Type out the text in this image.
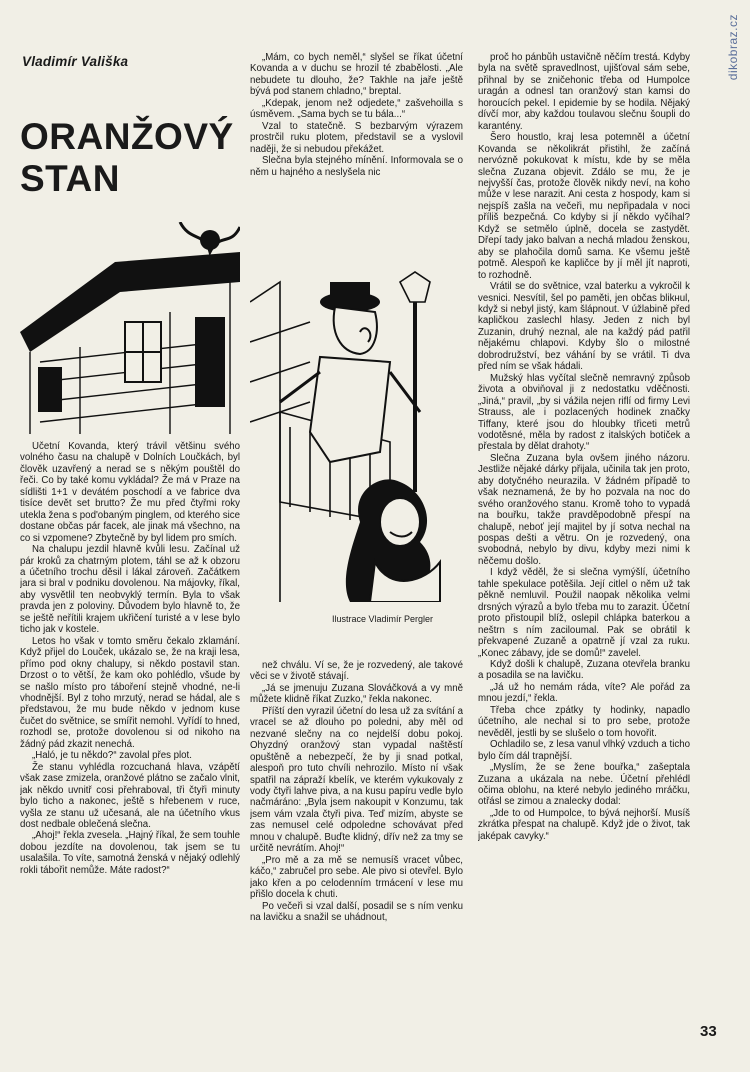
dikobraz.cz
Vladimír Vališka
ORANŽOVÝ
STAN
Ilustrace Vladimír Pergler

Účetní Kovanda, který trávil většinu svého volného času na chalupě v Dolních Loučkách, byl člověk uzavřený a nerad se s někým pouštěl do řeči. Co by také komu vykládal? Že má v Praze na sídlišti 1+1 v devátém poschodí a ve fabrice dva tisíce devět set brutto? Že mu před čtyřmi roky utekla žena s pod'obaným pinglem, od kterého sice dostane občas pár facek, ale jinak má všechno, na co si vzpomene? Zbytečně by byl lidem pro smích.

Na chalupu jezdil hlavně kvůli lesu. Začínal už pár kroků za chatrným plotem, táhl se až k obzoru a účetního trochu děsil i lákal zároveň. Začátkem jara si bral v podniku dovolenou. Na májovky, říkal, aby vysvětlil ten neobvyklý termín. Byla to však pravda jen z poloviny. Důvodem bylo hlavně to, že se ještě neřítili krajem ukřičení turisté a v lese bylo ticho jak v kostele.

Letos ho však v tomto směru čekalo zklamání. Když přijel do Louček, ukázalo se, že na kraji lesa, přímo pod okny chalupy, si někdo postavil stan. Drzost o to větší, že kam oko pohlédlo, všude by se našlo místo pro táboření stejně vhodné, ne-li vhodnější. Byl z toho mrzutý, nerad se hádal, ale s představou, že mu bude někdo v jednom kuse čučet do světnice, se smířit nemohl. Vyřídí to hned, rozhodl se, protože dovolenou si od nikoho na žádný pád zkazit nenechá.

„Haló, je tu někdo?“ zavolal přes plot.

Že stanu vyhlédla rozcuchaná hlava, vzápětí však zase zmizela, oranžové plátno se začalo vlnit, jak někdo uvnitř cosi přehraboval, tři čtyři minuty bylo ticho a nakonec, ještě s hřebenem v ruce, vyšla ze stanu už učesaná, ale na účetního vkus dost nedbale oblečená slečna.

„Ahoj!“ řekla zvesela. „Hajný říkal, že sem touhle dobou jezdíte na dovolenou, tak jsem se tu usalašila. To víte, samotná ženská v nějaký odlehlý rokli tábořit nemůže. Máte radost?“

„Mám, co bych neměl,“ slyšel se říkat účetní Kovanda a v duchu se hrozil té zbabělosti. „Ale nebudete tu dlouho, že? Takhle na jaře ještě bývá pod stanem chladno,“ breptal.

„Kdepak, jenom než odjedete,“ zašvehoilla s úsměvem. „Sama bych se tu bála...“

Vzal to statečně. S bezbarvým výrazem prostrčil ruku plotem, představil se a vyslovil naději, že si nebudou překážet.

Slečna byla stejného mínění. Informovala se o něm u hajného a neslyšela nic

než chválu. Ví se, že je rozvedený, ale takové věci se v životě stávají.

„Já se jmenuju Zuzana Slováčková a vy mně můžete klidně říkat Zuzko,“ řekla nakonec.

Příští den vyrazil účetní do lesa už za svítání a vracel se až dlouho po poledni, aby měl od nezvané slečny na co nejdelší dobu pokoj. Ohyzdný oranžový stan vypadal naštěstí opuštěně a nebezpečí, že by ji snad potkal, alespoň pro tuto chvíli nehrozilo. Místo ní však spatřil na zápraží kbelík, ve kterém vykukovaly z vody čtyři lahve piva, a na kusu papíru vedle bylo načmáráno: „Byla jsem nakoupit v Konzumu, tak jsem vám vzala čtyři piva. Teď mizím, abyste se zas nemusel celé odpoledne schovávat před mnou v chalupě. Buďte klidný, dřív než za tmy se určitě nevrátím. Ahoj!“

„Pro mě a za mě se nemusíš vracet vůbec, káčo,“ zabručel pro sebe. Ale pivo si otevřel. Bylo jako křen a po celodenním trmácení v lese mu přišlo docela k chuti.

Po večeři si vzal další, posadil se s ním venku na lavičku a snažil se uhádnout,

proč ho pánbůh ustavičně něčím trestá. Kdyby byla na světě spravedlnost, ujišťoval sám sebe, přihnal by se zničehonic třeba od Humpolce uragán a odnesl tan oranžový stan kamsi do horoucích pekel. I epidemie by se hodila. Nějaký dívčí mor, aby každou toulavou slečnu šoupli do karantény.

Šero houstlo, kraj lesa potemněl a účetní Kovanda se několikrát přistihl, že začíná nervózně pokukovat k místu, kde by se měla slečna Zuzana objevit. Zdálo se mu, že je nejvyšší čas, protože člověk nikdy neví, na koho může v lese narazit. Ani cesta z hospody, kam si nejspíš zašla na večeři, mu nepřipadala v noci příliš bezpečná. Co kdyby si jí někdo vyčíhal? Když se setmělo úplně, docela se zastydět. Dřepí tady jako balvan a nechá mladou ženskou, aby se plahočila domů sama. Ke všemu ještě potmě. Alespoň ke kapličce by jí měl jít naproti, to rozhodně.

Vrátil se do světnice, vzal baterku a vykročil k vesnici. Nesvítil, šel po paměti, jen občas blikнul, když si nebyl jistý, kam šlápnout. V úžlabině před kapličkou zaslechl hlasy. Jeden z nich byl Zuzanin, druhý neznal, ale na každý pád patřil nějakému chlapovi. Kdyby šlo o milostné dobrodružství, bez váhání by se vrátil. Ti dva před ním se však hádali.

Mužský hlas vyčítal slečně nemravný způsob života a obviňoval ji z nedostatku vděčnosti. „Jiná,“ pravil, „by si vážila nejen riflí od firmy Levi Strauss, ale i pozlacených hodinek značky Tiffany, které jsou do hloubky třiceti metrů vodotěsné, měla by radost z italských botiček a přestala by dělat drahoty.“

Slečna Zuzana byla ovšem jiného názoru. Jestliže nějaké dárky přijala, učinila tak jen proto, aby dotyčného neurazila. V žádném případě to však neznamená, že by ho pozvala na noc do svého oranžového stanu. Kromě toho to vypadá na bouřku, takže pravděpodobně přespí na chalupě, neboť její majitel by jí sotva nechal na pospas dešti a větru. On je rozvedený, ona svobodná, nebylo by divu, kdyby mezi nimi k něčemu došlo.

I když věděl, že si slečna vymýšlí, účetního tahle spekulace potěšila. Její citlel o něm už tak pěkně nemluvil. Použil naopak několika velmi drsných výrazů a bylo třeba mu to zarazit. Účetní proto přistoupil blíž, oslepil chlápka baterkou a neštrn s ním zaciloumal. Pak se obrátil k překvapené Zuzaně a opatrně jí vzal za ruku. „Konec zábavy, jde se domů!“ zavelel.

Když došli k chalupě, Zuzana otevřela branku a posadila se na lavičku.

„Já už ho nemám ráda, víte? Ale pořád za mnou jezdí,“ řekla.

Třeba chce zpátky ty hodinky, napadlo účetního, ale nechal si to pro sebe, protože nevěděl, jestli by se slušelo o tom hovořit.

Ochladilo se, z lesa vanul vlhký vzduch a ticho bylo čím dál trapnější.

„Myslím, že se žene bouřka,“ zašeptala Zuzana a ukázala na nebe. Účetní přehlédl očima oblohu, na které nebylo jediného mráčku, otřásl se zimou a znalecky dodal:

„Jde to od Humpolce, to bývá nejhorší. Musíš zkrátka přespat na chalupě. Když jde o život, tak jaképak cavyky.“

33
